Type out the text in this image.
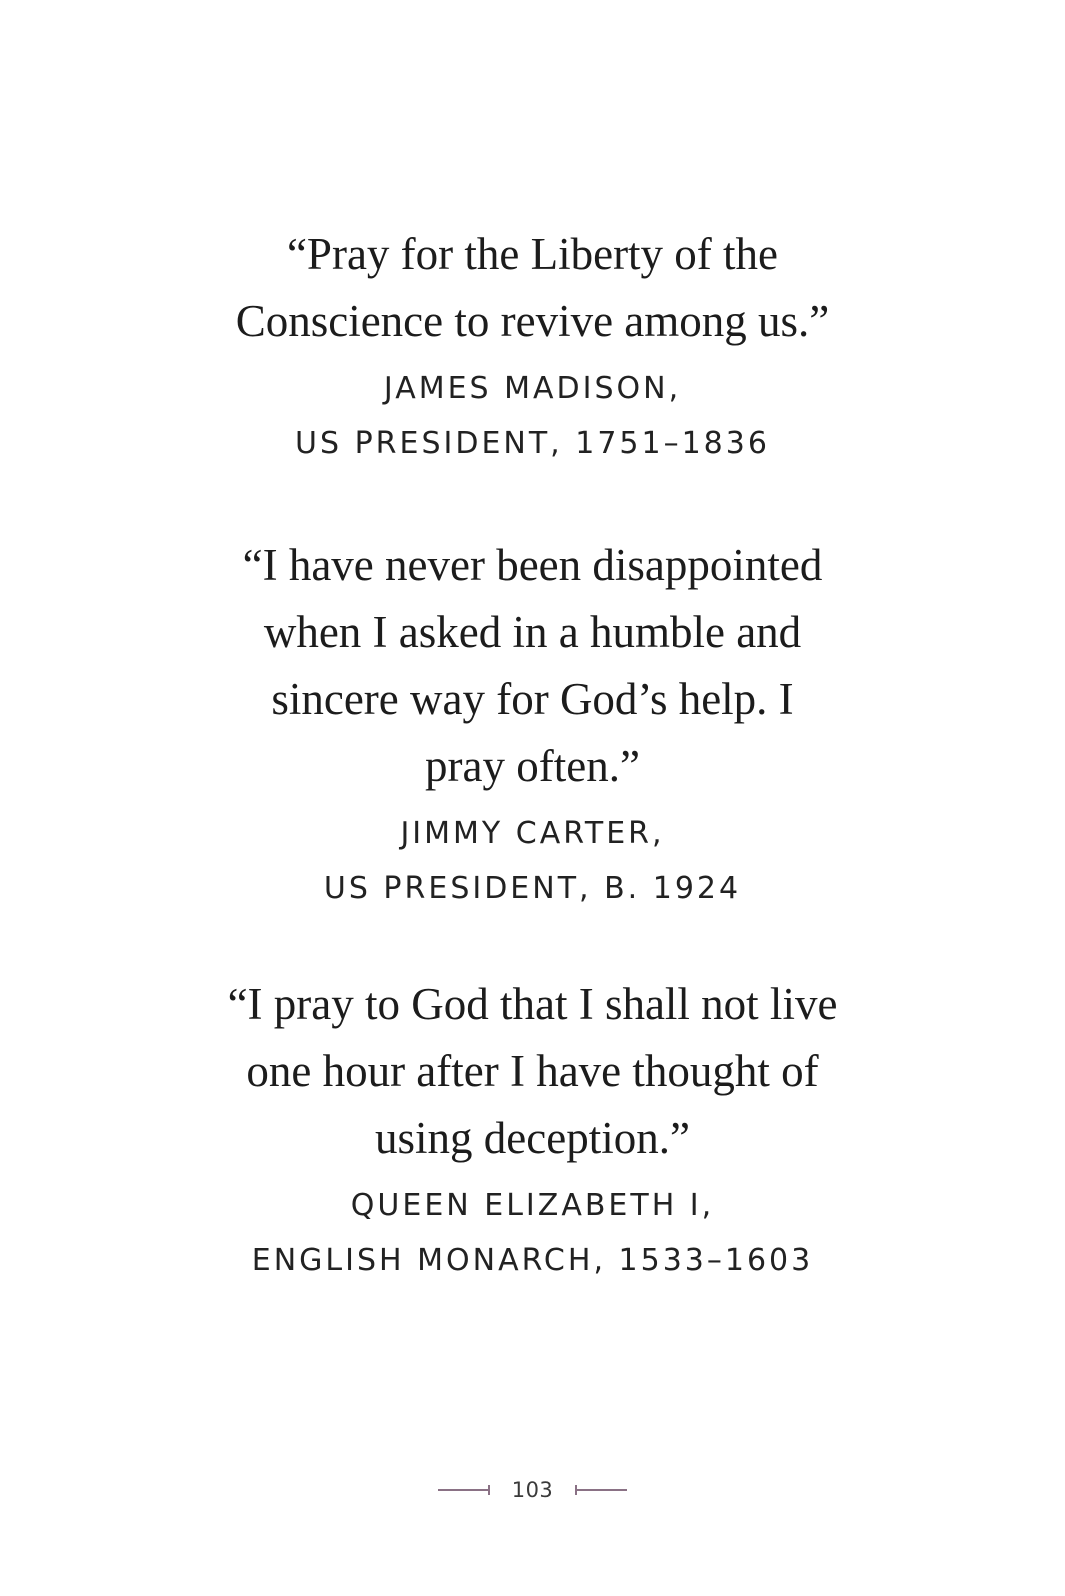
“Pray for the Liberty of the
Conscience to revive among us.”
JAMES MADISON,
US PRESIDENT, 1751–1836
“I have never been disappointed
when I asked in a humble and
sincere way for God’s help. I
pray often.”
JIMMY CARTER,
US PRESIDENT, B. 1924
“I pray to God that I shall not live
one hour after I have thought of
using deception.”
QUEEN ELIZABETH I,
ENGLISH MONARCH, 1533–1603
103
